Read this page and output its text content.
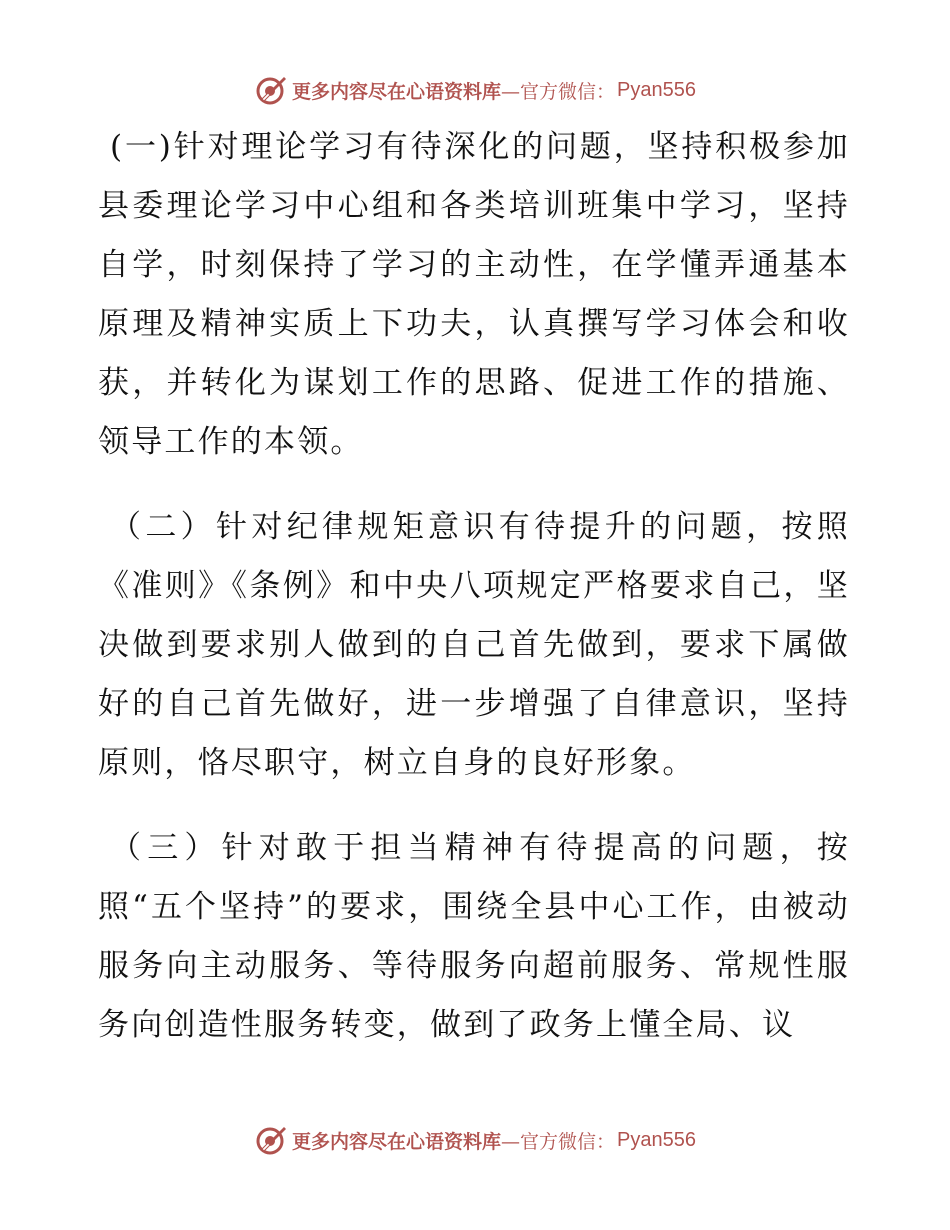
更多内容尽在心语资料库 —官方微信： Pyan556

(一)针对理论学习有待深化的问题，坚持积极参加县委理论学习中心组和各类培训班集中学习，坚持自学，时刻保持了学习的主动性，在学懂弄通基本原理及精神实质上下功夫，认真撰写学习体会和收获，并转化为谋划工作的思路、促进工作的措施、领导工作的本领。

（二）针对纪律规矩意识有待提升的问题，按照《准则》《条例》和中央八项规定严格要求自己，坚决做到要求别人做到的自己首先做到，要求下属做好的自己首先做好，进一步增强了自律意识，坚持原则，恪尽职守，树立自身的良好形象。

（三）针对敢于担当精神有待提高的问题，按照“五个坚持”的要求，围绕全县中心工作，由被动服务向主动服务、等待服务向超前服务、常规性服务向创造性服务转变，做到了政务上懂全局、议

更多内容尽在心语资料库 —官方微信： Pyan556
